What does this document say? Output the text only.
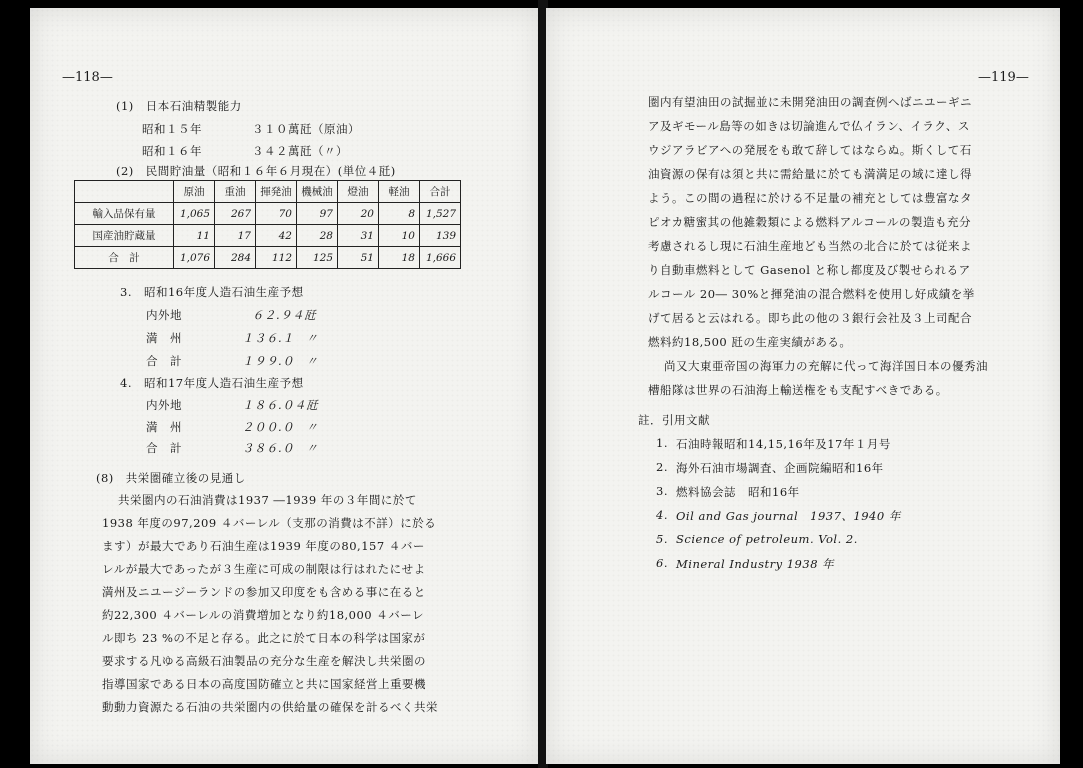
—118—
(1)　日本石油精製能力
昭和１５年	３１０萬瓩（原油）
昭和１６年	３４２萬瓩（〃）
(2)　民間貯油量（昭和１６年６月現在）(単位４瓩)
	原油	重油	揮発油	機械油	燈油	軽油	合計
輸入品保有量	1,065	267	70	97	20	8	1,527
国産油貯蔵量	11	17	42	28	31	10	139
合　計	1,076	284	112	125	51	18	1,666
3.　昭和16年度人造石油生産予想
内外地	６２.９４瓩
満　州	１３６.１　〃
合　計	１９９.０　〃
4.　昭和17年度人造石油生産予想
内外地	１８６.０４瓩
満　州	２００.０　〃
合　計	３８６.０　〃
(8)　共栄圏確立後の見通し
共栄圏内の石油消費は1937 ―1939 年の３年間に於て
1938 年度の97,209 ４バーレル（支那の消費は不詳）に於る
ます）が最大であり石油生産は1939 年度の80,157 ４バー
レルが最大であったが３生産に可成の制限は行はれたにせよ
満州及ニユージーランドの参加又印度をも含める事に在ると
約22,300 ４バーレルの消費増加となり約18,000 ４バーレ
ル即ち 23 %の不足と存る。此之に於て日本の科学は国家が
要求する凡ゆる高級石油製品の充分な生産を解決し共栄圏の
指導国家である日本の高度国防確立と共に国家経営上重要機
動動力資源たる石油の共栄圏内の供給量の確保を計るべく共栄
—119—
圏内有望油田の試掘並に未開発油田の調査例へばニユーギニ
ア及ギモール島等の如きは切論進んで仏イラン、イラク、ス
ウジアラビアへの発展をも敢て辞してはならぬ。斯くして石
油資源の保有は須と共に需給量に於ても満満足の域に達し得
よう。この間の過程に於ける不足量の補充としては豊富なタ
ピオカ糖蜜其の他雑穀類による燃料アルコールの製造も充分
考慮されるし現に石油生産地ども当然の北合に於ては従来よ
り自動車燃料として Gasenol と称し都度及び製せられるア
ルコール 20― 30%と揮発油の混合燃料を使用し好成績を挙
げて居ると云はれる。即ち此の他の３銀行会社及３上司配合
燃料約18,500 瓩の生産実績がある。
尚又大東亜帝国の海軍力の充解に代って海洋国日本の優秀油
槽船隊は世界の石油海上輸送権をも支配すべきである。
註．引用文献
1. 石油時報昭和14,15,16年及17年１月号
2. 海外石油市場調査、企画院編昭和16年
3. 燃料協会誌　昭和16年
4. Oil and Gas journal　1937、1940 年
5. Science of petroleum. Vol. 2.
6. Mineral Industry 1938 年
